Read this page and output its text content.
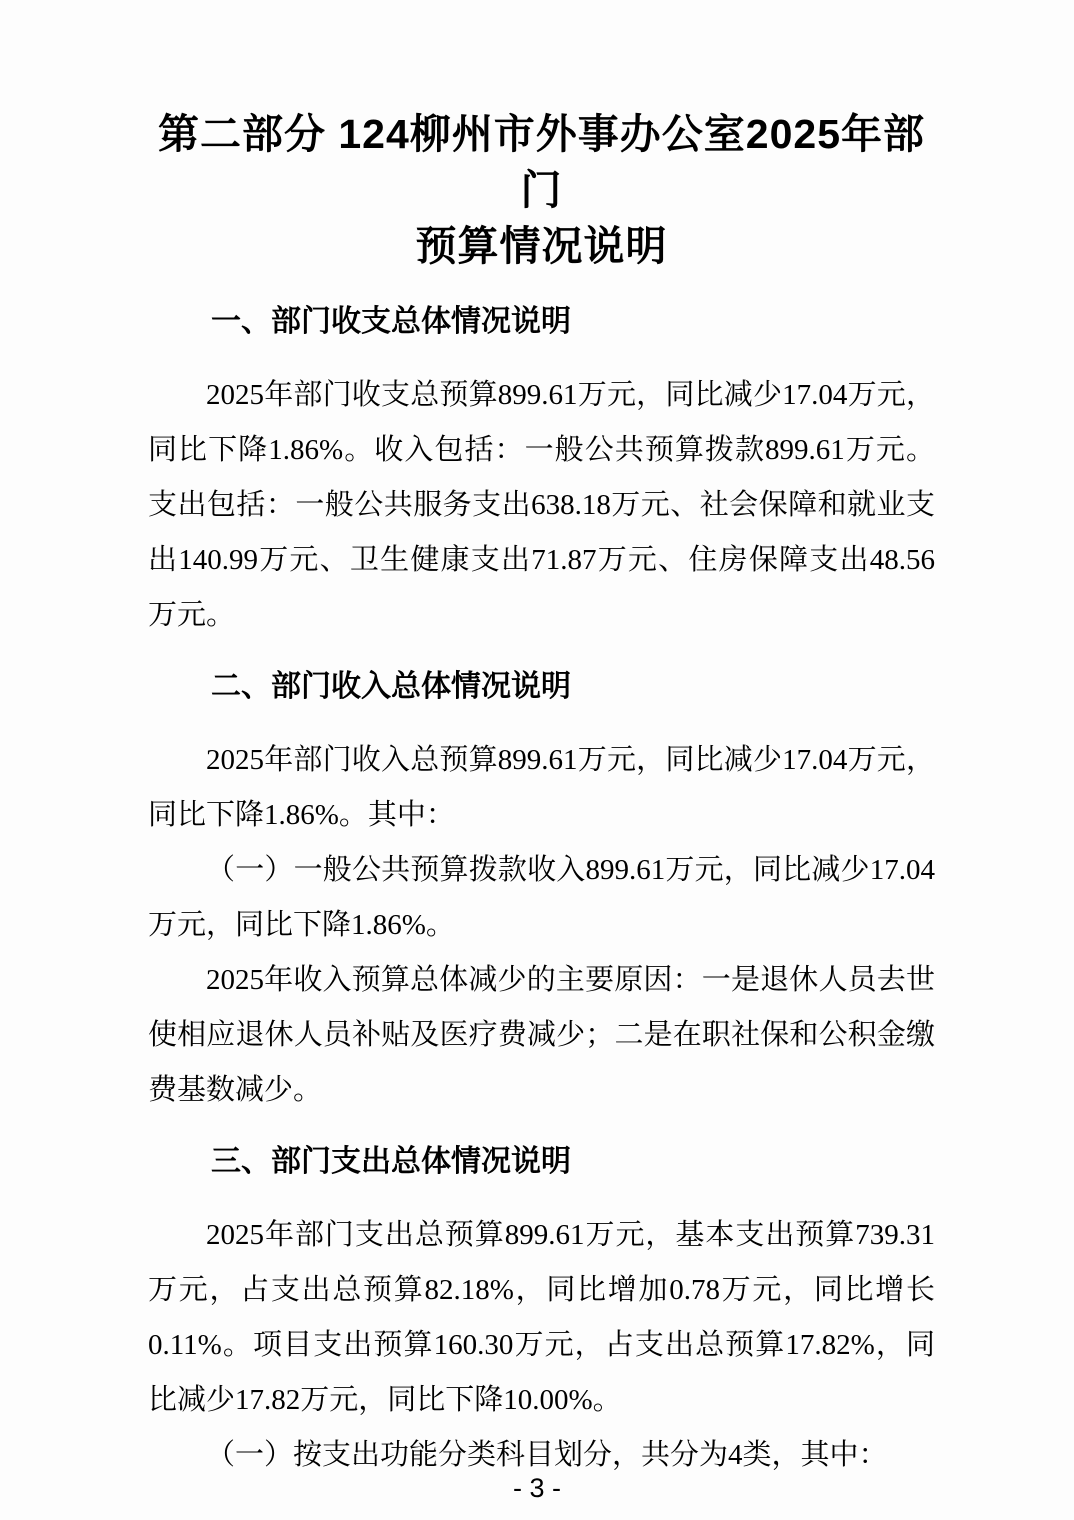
第二部分 124柳州市外事办公室2025年部门
预算情况说明
一、部门收支总体情况说明

2025年部门收支总预算899.61万元，同比减少17.04万元，同比下降1.86%。收入包括：一般公共预算拨款899.61万元。支出包括：一般公共服务支出638.18万元、社会保障和就业支出140.99万元、卫生健康支出71.87万元、住房保障支出48.56万元。

二、部门收入总体情况说明

2025年部门收入总预算899.61万元，同比减少17.04万元，同比下降1.86%。其中：

（一）一般公共预算拨款收入899.61万元，同比减少17.04万元，同比下降1.86%。

2025年收入预算总体减少的主要原因：一是退休人员去世使相应退休人员补贴及医疗费减少；二是在职社保和公积金缴费基数减少。

三、部门支出总体情况说明

2025年部门支出总预算899.61万元，基本支出预算739.31万元，占支出总预算82.18%，同比增加0.78万元，同比增长0.11%。项目支出预算160.30万元，占支出总预算17.82%，同比减少17.82万元，同比下降10.00%。

（一）按支出功能分类科目划分，共分为4类，其中：

- 3 -
